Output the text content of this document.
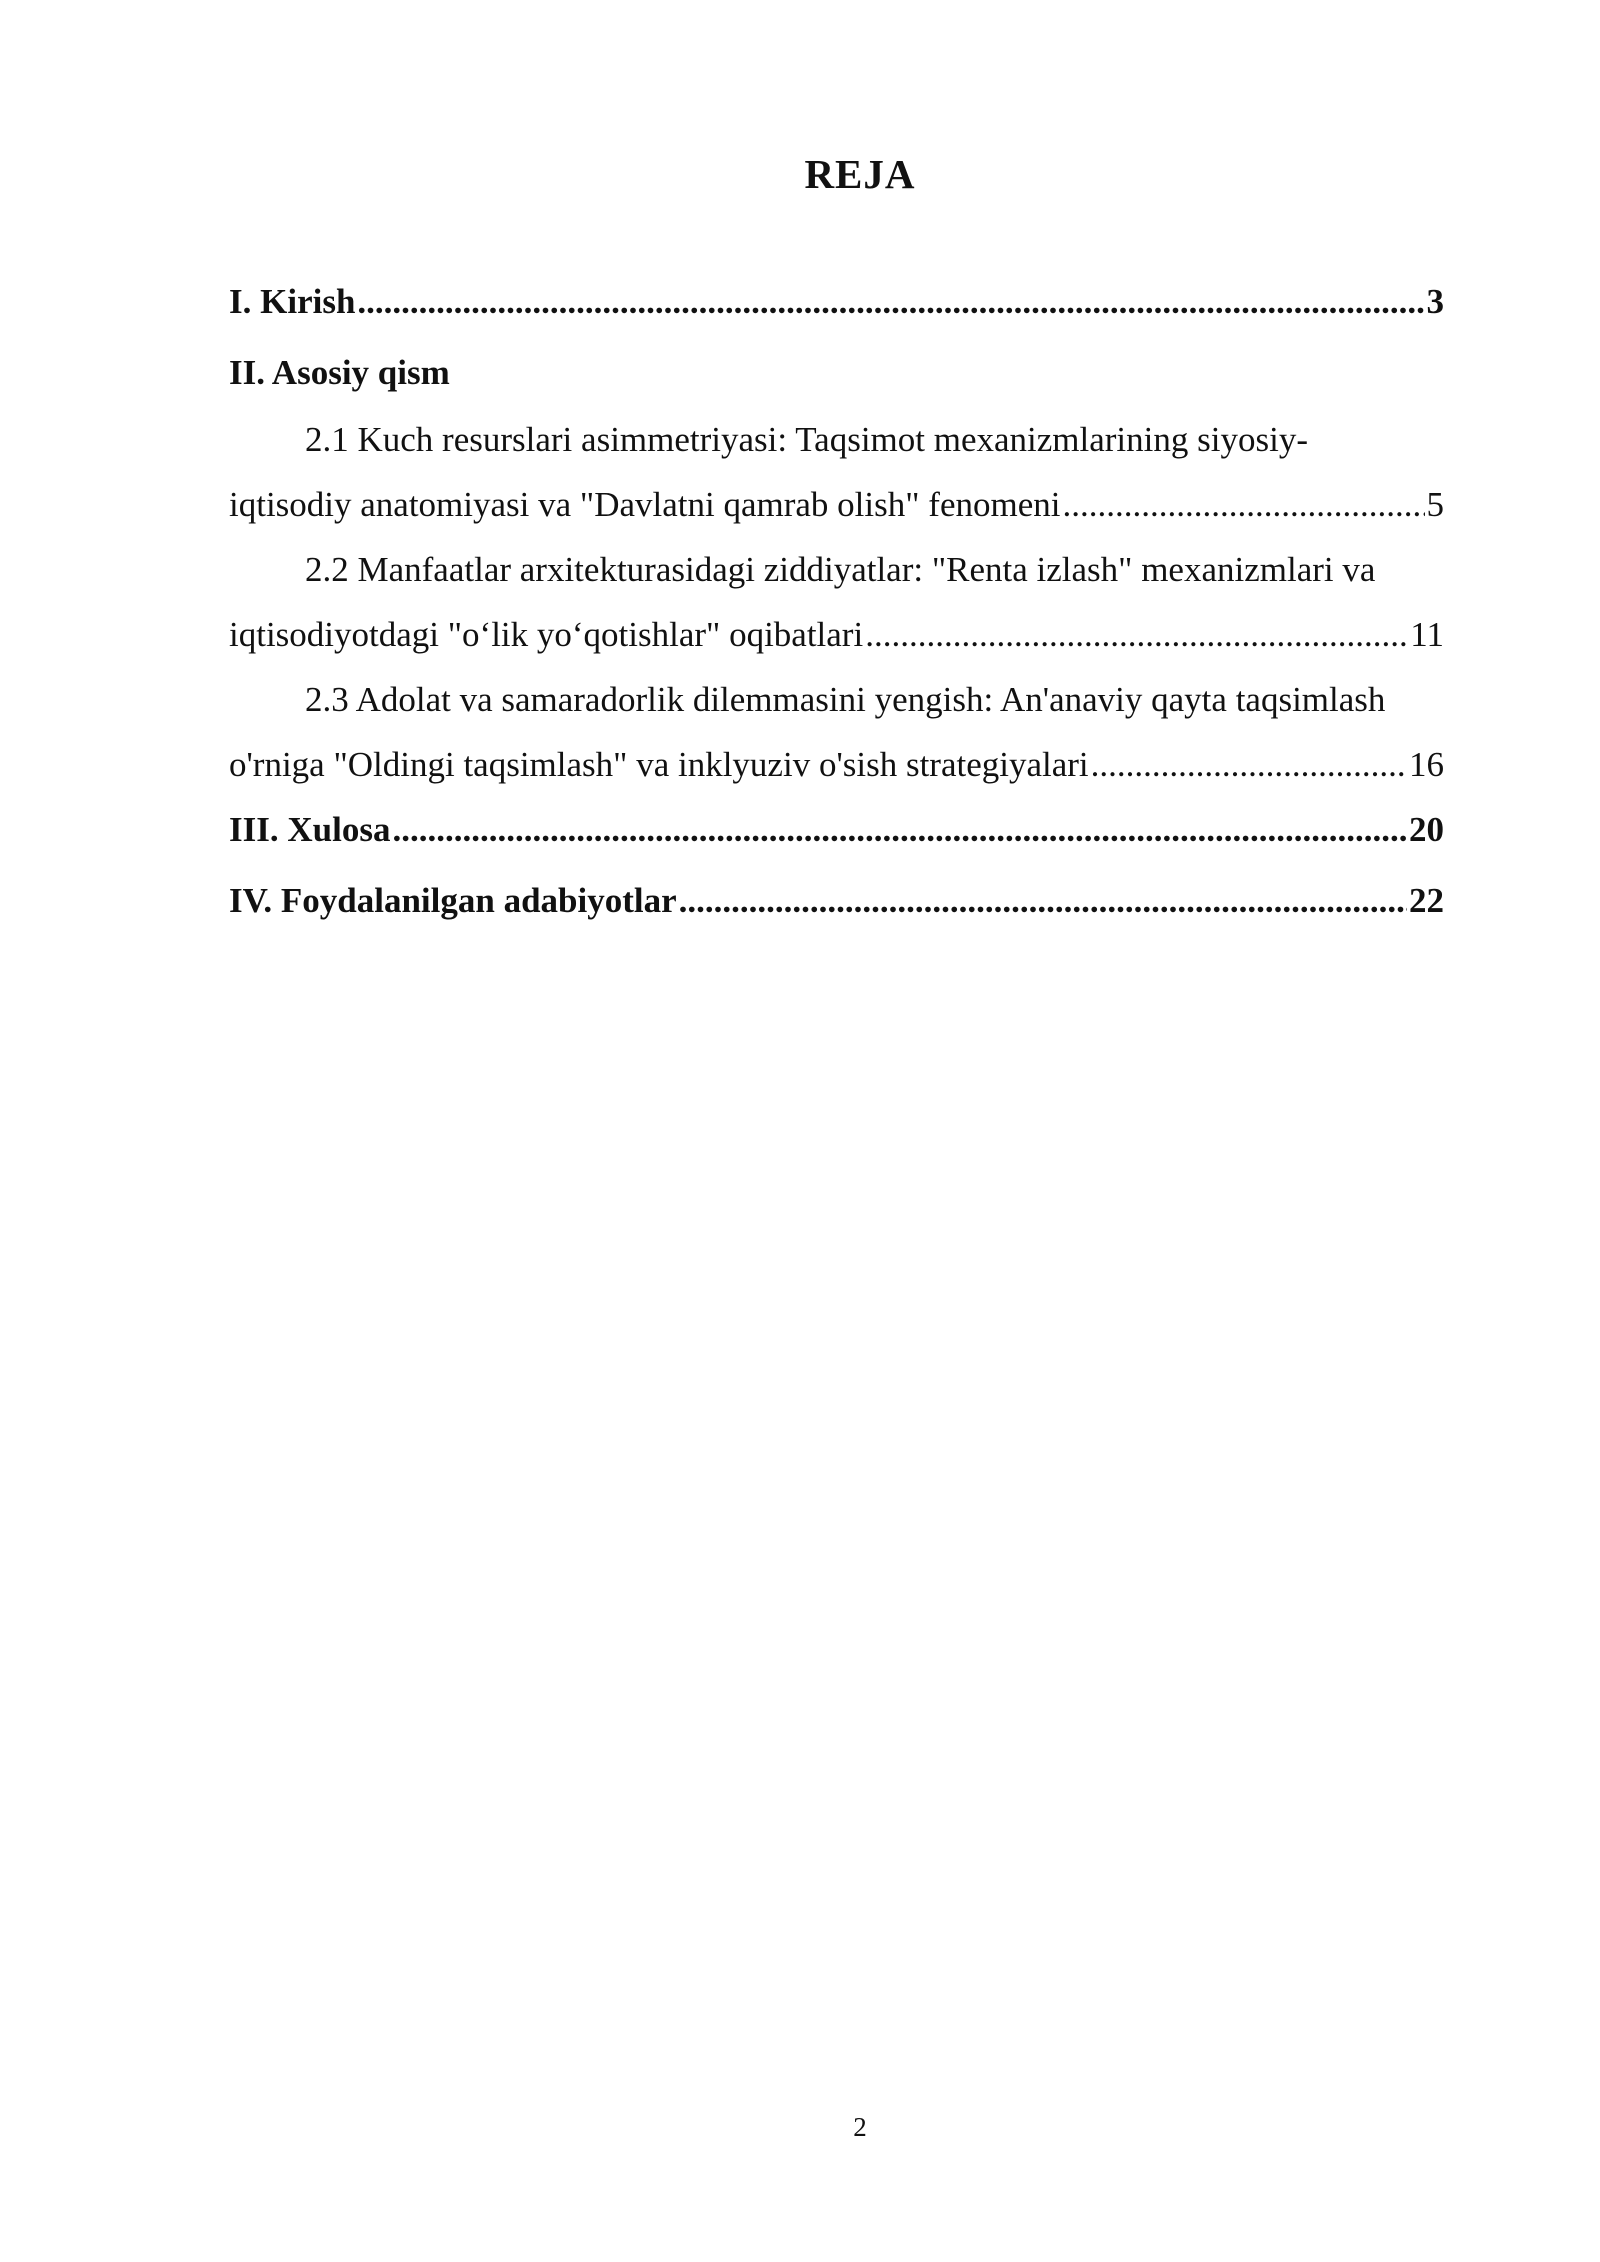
REJA
I. Kirish .....	3
II. Asosiy qism
2.1 Kuch resurslari asimmetriyasi: Taqsimot mexanizmlarining siyosiy-
iqtisodiy anatomiyasi va "Davlatni qamrab olish" fenomeni .....	5
2.2 Manfaatlar arxitekturasidagi ziddiyatlar: "Renta izlash" mexanizmlari va
iqtisodiyotdagi "o‘lik yo‘qotishlar" oqibatlari .....	11
2.3 Adolat va samaradorlik dilemmasini yengish: An'anaviy qayta taqsimlash
o'rniga "Oldingi taqsimlash" va inklyuziv o'sish strategiyalari .....	16
III. Xulosa .....	20
IV. Foydalanilgan adabiyotlar .....	22
2
